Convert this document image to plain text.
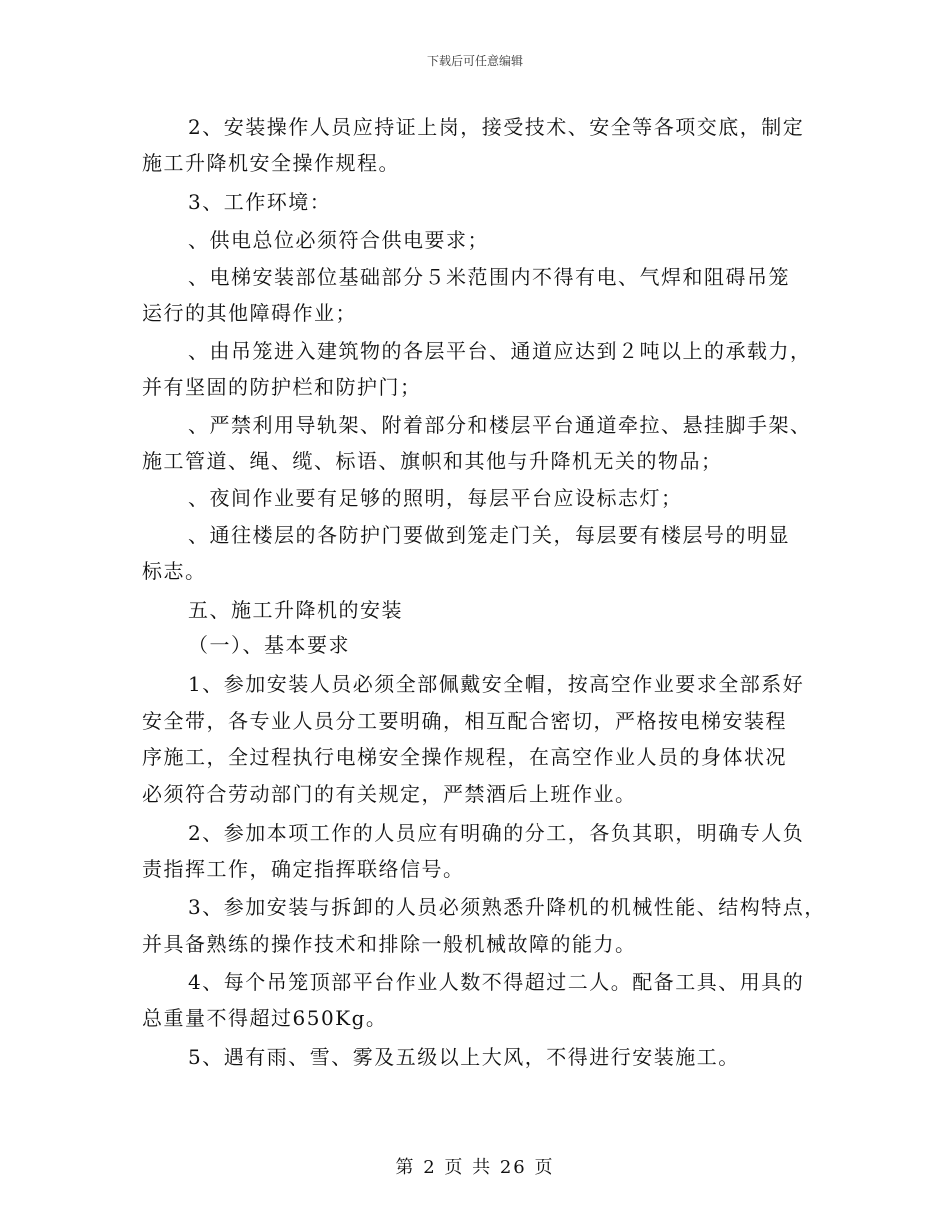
下载后可任意编辑
2、安装操作人员应持证上岗，接受技术、安全等各项交底，制定
施工升降机安全操作规程。
3、工作环境：
、供电总位必须符合供电要求；
、电梯安装部位基础部分５米范围内不得有电、气焊和阻碍吊笼
运行的其他障碍作业；
、由吊笼进入建筑物的各层平台、通道应达到２吨以上的承载力，
并有坚固的防护栏和防护门；
、严禁利用导轨架、附着部分和楼层平台通道牵拉、悬挂脚手架、
施工管道、绳、缆、标语、旗帜和其他与升降机无关的物品；
、夜间作业要有足够的照明，每层平台应设标志灯；
、通往楼层的各防护门要做到笼走门关，每层要有楼层号的明显
标志。
五、施工升降机的安装
（一）、基本要求
1、参加安装人员必须全部佩戴安全帽，按高空作业要求全部系好
安全带，各专业人员分工要明确，相互配合密切，严格按电梯安装程
序施工，全过程执行电梯安全操作规程，在高空作业人员的身体状况
必须符合劳动部门的有关规定，严禁酒后上班作业。
2、参加本项工作的人员应有明确的分工，各负其职，明确专人负
责指挥工作，确定指挥联络信号。
3、参加安装与拆卸的人员必须熟悉升降机的机械性能、结构特点，
并具备熟练的操作技术和排除一般机械故障的能力。
4、每个吊笼顶部平台作业人数不得超过二人。配备工具、用具的
总重量不得超过650Kg。
5、遇有雨、雪、雾及五级以上大风，不得进行安装施工。
第 2 页 共 26 页
